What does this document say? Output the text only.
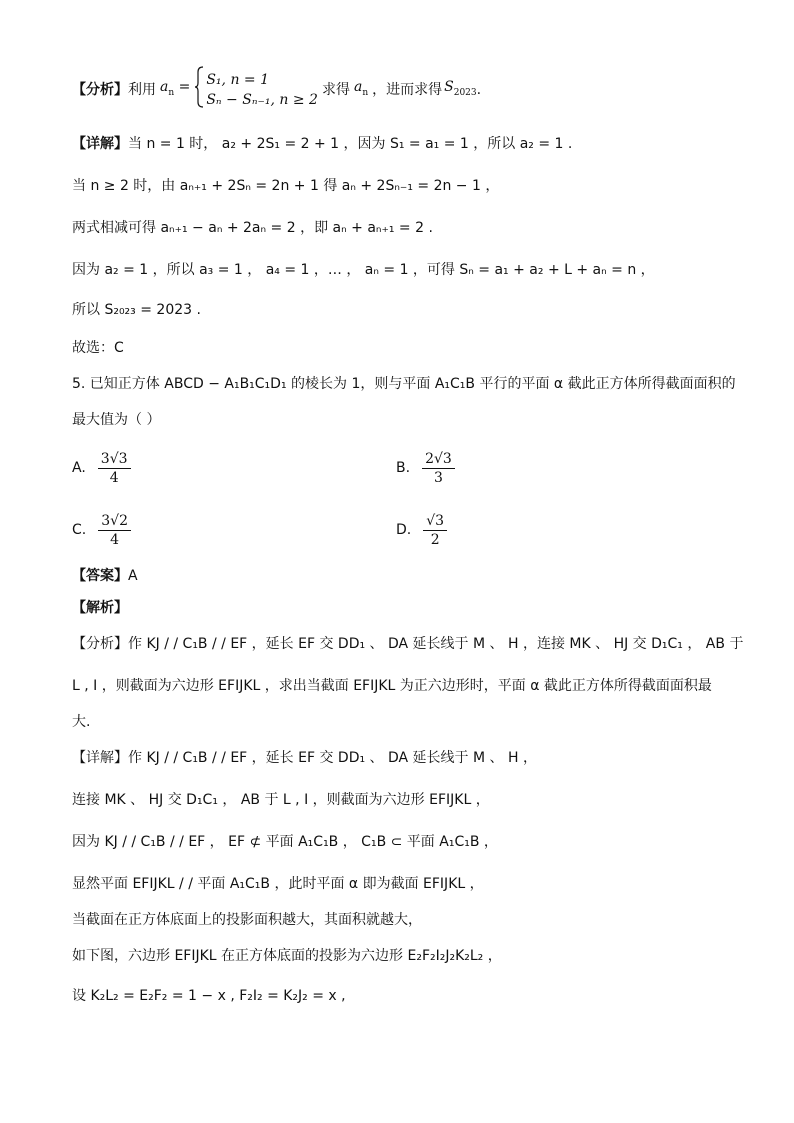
【分析】 利用 $a_n = S_1$, n = 1
Sₙ − Sₙ₋₁, n ≥ 2
求得 $a_n$ ，进而求得 $S_{2023}$ .
【详解】当 n = 1 时， a₂ + 2S₁ = 2 + 1 ，因为 S₁ = a₁ = 1 ，所以 a₂ = 1 .
当 n ≥ 2 时，由 aₙ₊₁ + 2Sₙ = 2n + 1 得 aₙ + 2Sₙ₋₁ = 2n − 1 ，
两式相减可得 aₙ₊₁ − aₙ + 2aₙ = 2 ，即 aₙ + aₙ₊₁ = 2 .
因为 a₂ = 1 ，所以 a₃ = 1 ， a₄ = 1 ，… ， aₙ = 1 ，可得 Sₙ = a₁ + a₂ + L + aₙ = n ，
所以 S₂₀₂₃ = 2023 .
故选：C
5. 已知正方体 ABCD − A₁B₁C₁D₁ 的棱长为 1，则与平面 A₁C₁B 平行的平面 α 截此正方体所得截面面积的
最大值为（ ）
A. $\frac{3√3}{4}$	B. $\frac{2√3}{3}$
C. $\frac{3√2}{4}$	D. $\frac{√3}{2}$
【答案】A
【解析】
【分析】作 KJ / / C₁B / / EF ，延长 EF 交 DD₁ 、 DA 延长线于 M 、 H ，连接 MK 、 HJ 交 D₁C₁ ， AB 于
L , I ，则截面为六边形 EFIJKL ，求出当截面 EFIJKL 为正六边形时，平面 α 截此正方体所得截面面积最
大.
【详解】作 KJ / / C₁B / / EF ，延长 EF 交 DD₁ 、 DA 延长线于 M 、 H ，
连接 MK 、 HJ 交 D₁C₁ ， AB 于 L , I ，则截面为六边形 EFIJKL ，
因为 KJ / / C₁B / / EF ， EF ⊄ 平面 A₁C₁B ， C₁B ⊂ 平面 A₁C₁B ，
显然平面 EFIJKL / / 平面 A₁C₁B ，此时平面 α 即为截面 EFIJKL ，
当截面在正方体底面上的投影面积越大，其面积就越大，
如下图，六边形 EFIJKL 在正方体底面的投影为六边形 E₂F₂I₂J₂K₂L₂ ，
设 K₂L₂ = E₂F₂ = 1 − x , F₂I₂ = K₂J₂ = x ,
